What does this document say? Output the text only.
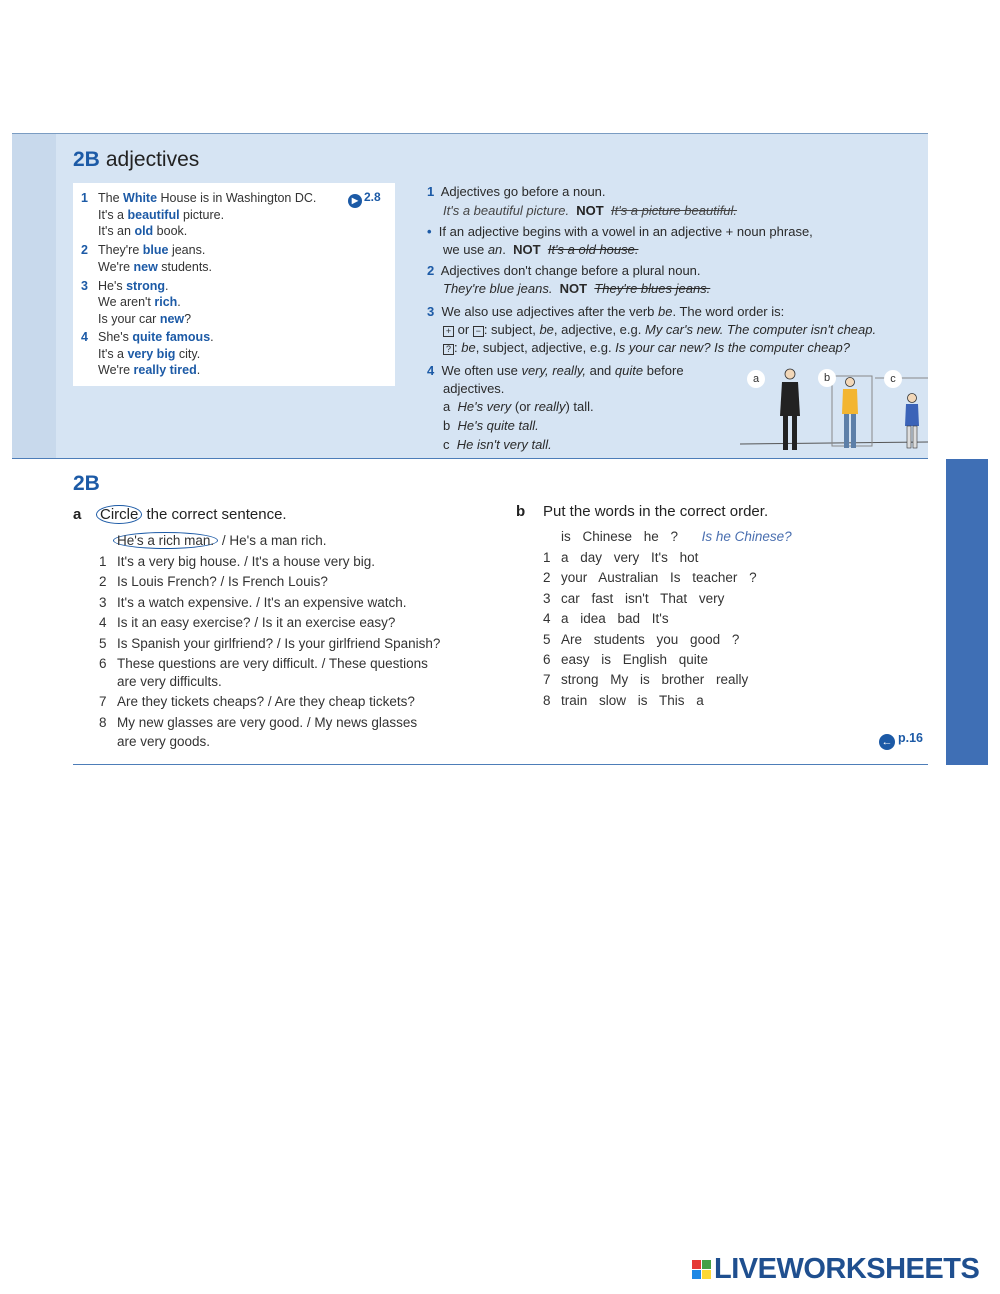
2B adjectives
1 The White House is in Washington DC.
It's a beautiful picture.
It's an old book.
2 They're blue jeans.
We're new students.
3 He's strong.
We aren't rich.
Is your car new?
4 She's quite famous.
It's a very big city.
We're really tired.
▶ 2.8	1 Adjectives go before a noun.
It's a beautiful picture. NOT It's a picture beautiful.
• If an adjective begins with a vowel in an adjective + noun phrase,
we use an. NOT It's a old house.
2 Adjectives don't change before a plural noun.
They're blue jeans. NOT They're blues jeans.
3 We also use adjectives after the verb be. The word order is:
+ or − : subject, be, adjective, e.g. My car's new. The computer isn't cheap.
? : be, subject, adjective, e.g. Is your car new? Is the computer cheap?
4 We often use very, really, and quite before
adjectives.
a He's very (or really) tall.
b He's quite tall.
c He isn't very tall.
a	b	c
2B
a Circle the correct sentence.
He's a rich man. / He's a man rich.
1 It's a very big house. / It's a house very big.
2 Is Louis French? / Is French Louis?
3 It's a watch expensive. / It's an expensive watch.
4 Is it an easy exercise? / Is it an exercise easy?
5 Is Spanish your girlfriend? / Is your girlfriend Spanish?
6 These questions are very difficult. / These questions
are very difficults.
7 Are they tickets cheaps? / Are they cheap tickets?
8 My new glasses are very good. / My news glasses
are very goods.
b Put the words in the correct order.
is Chinese he ? Is he Chinese?
1 a day very It's hot
2 your Australian Is teacher ?
3 car fast isn't That very
4 a idea bad It's
5 Are students you good ?
6 easy is English quite
7 strong My is brother really
8 train slow is This a
← p.16
LIVEWORKSHEETS
